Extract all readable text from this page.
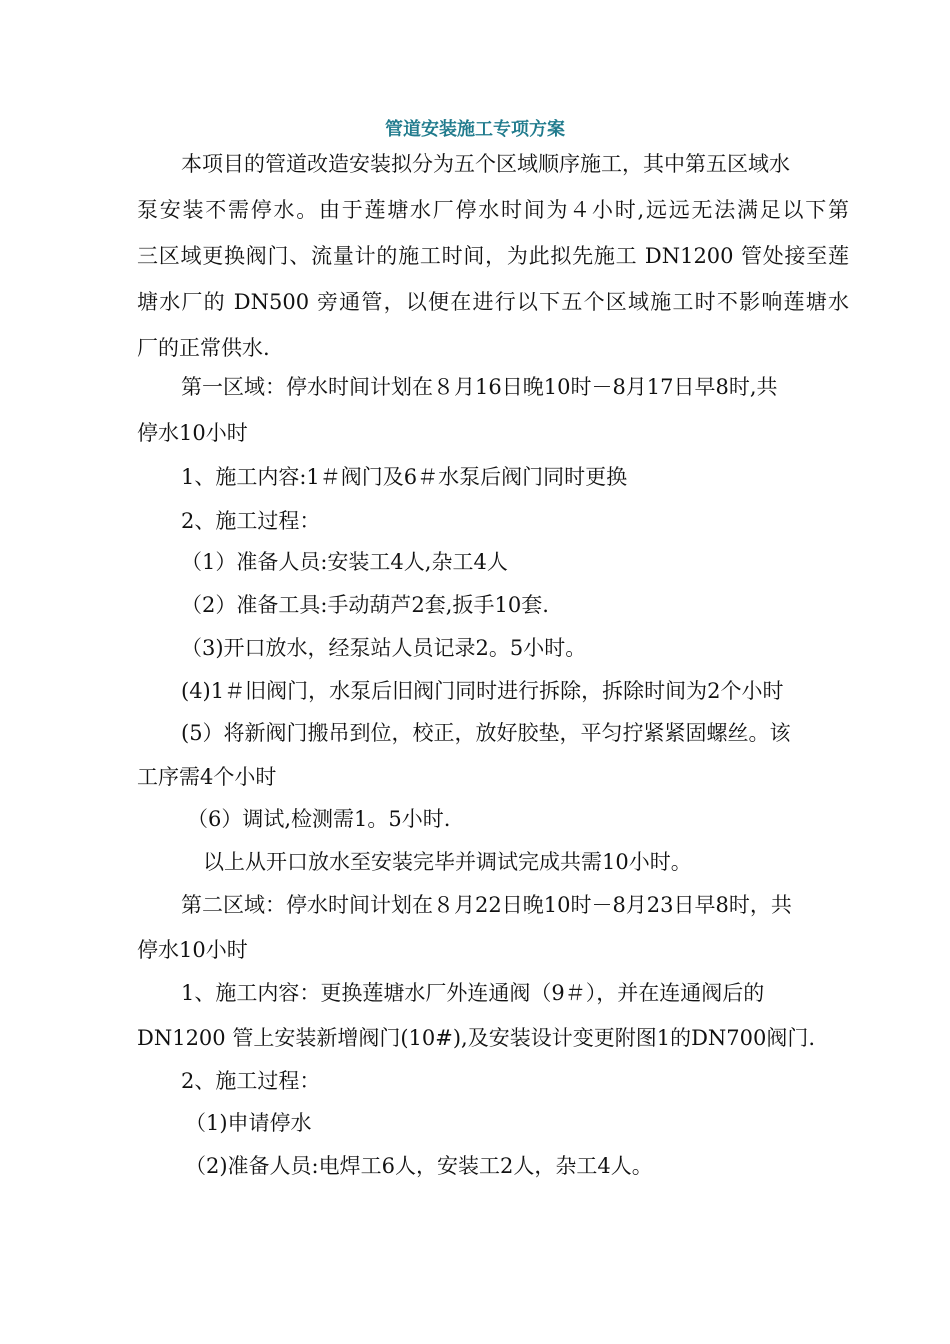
管道安装施工专项方案
本项目的管道改造安装拟分为五个区域顺序施工，其中第五区域水
泵安装不需停水。由于莲塘水厂停水时间为４小时,远远无法满足以下第
三区域更换阀门、流量计的施工时间，为此拟先施工 DN1200 管处接至莲
塘水厂的 DN500 旁通管，以便在进行以下五个区域施工时不影响莲塘水
厂的正常供水.
第一区域：停水时间计划在８月16日晚10时－8月17日早8时,共
停水10小时
1、施工内容:1＃阀门及6＃水泵后阀门同时更换
2、施工过程：
（1）准备人员:安装工4人,杂工4人
（2）准备工具:手动葫芦2套,扳手10套.
（3)开口放水，经泵站人员记录2。5小时。
(4)1＃旧阀门，水泵后旧阀门同时进行拆除，拆除时间为2个小时
(5）将新阀门搬吊到位，校正，放好胶垫，平匀拧紧紧固螺丝。该
工序需4个小时
（6）调试,检测需1。5小时.
以上从开口放水至安装完毕并调试完成共需10小时。
第二区域：停水时间计划在８月22日晚10时－8月23日早8时，共
停水10小时
1、施工内容：更换莲塘水厂外连通阀（9＃），并在连通阀后的
DN1200 管上安装新增阀门(10#),及安装设计变更附图1的DN700阀门.
2、施工过程：
（1)申请停水
（2)准备人员:电焊工6人，安装工2人，杂工4人。
